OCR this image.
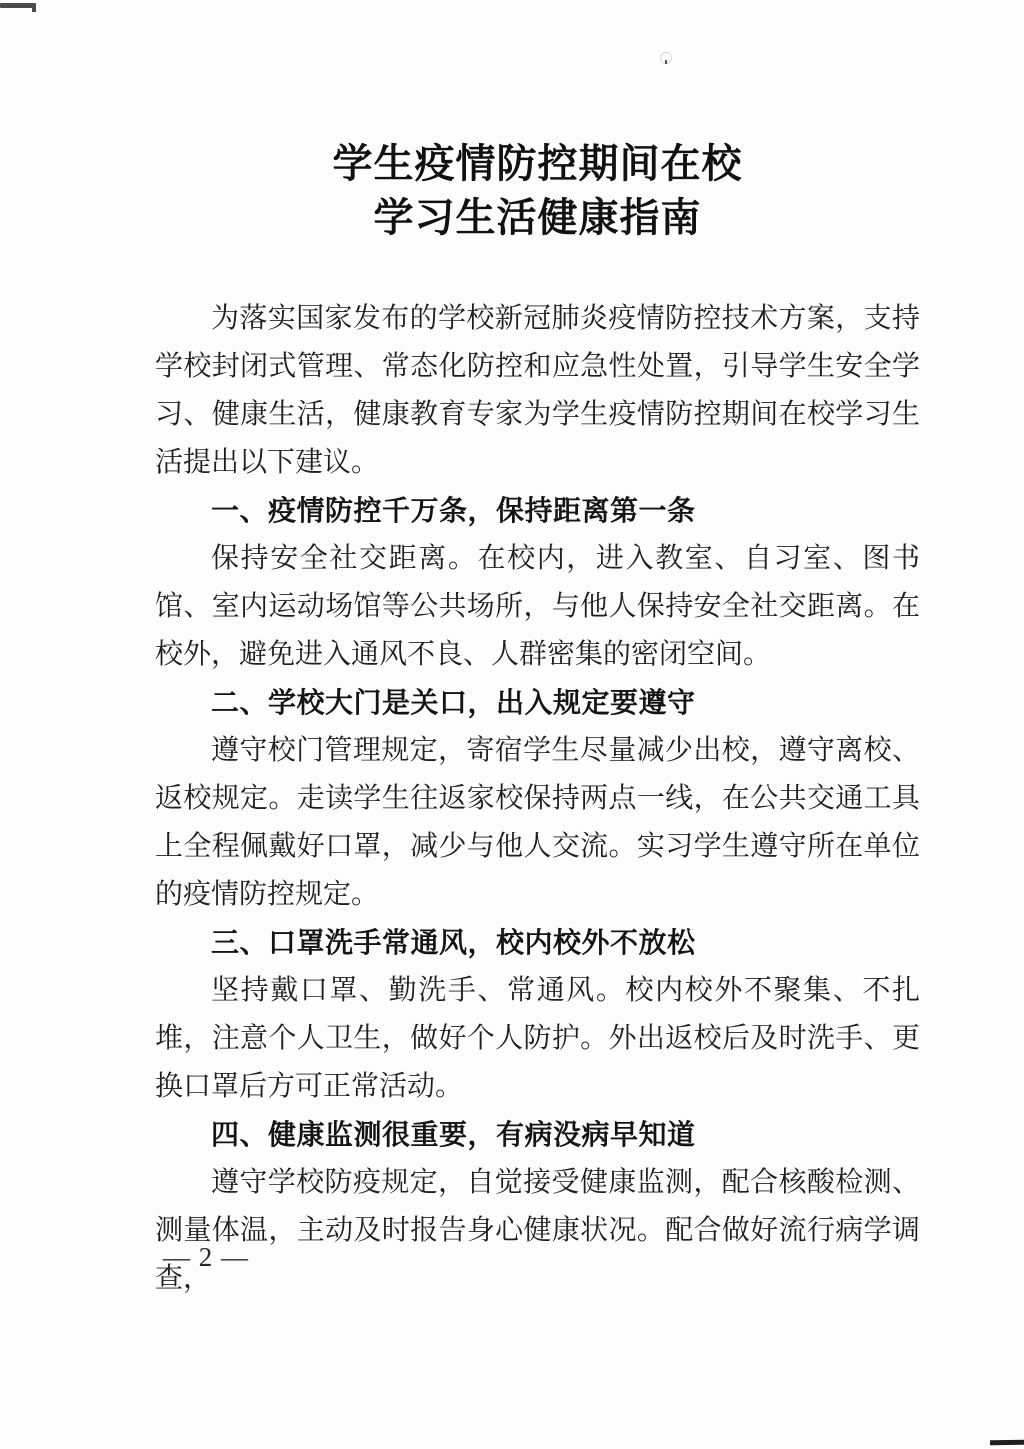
学生疫情防控期间在校
学习生活健康指南

为落实国家发布的学校新冠肺炎疫情防控技术方案，支持学校封闭式管理、常态化防控和应急性处置，引导学生安全学习、健康生活，健康教育专家为学生疫情防控期间在校学习生活提出以下建议。

一、疫情防控千万条，保持距离第一条

保持安全社交距离。在校内，进入教室、自习室、图书馆、室内运动场馆等公共场所，与他人保持安全社交距离。在校外，避免进入通风不良、人群密集的密闭空间。

二、学校大门是关口，出入规定要遵守

遵守校门管理规定，寄宿学生尽量减少出校，遵守离校、返校规定。走读学生往返家校保持两点一线，在公共交通工具上全程佩戴好口罩，减少与他人交流。实习学生遵守所在单位的疫情防控规定。

三、口罩洗手常通风，校内校外不放松

坚持戴口罩、勤洗手、常通风。校内校外不聚集、不扎堆，注意个人卫生，做好个人防护。外出返校后及时洗手、更换口罩后方可正常活动。

四、健康监测很重要，有病没病早知道

遵守学校防疫规定，自觉接受健康监测，配合核酸检测、测量体温，主动及时报告身心健康状况。配合做好流行病学调查，

— 2 —
